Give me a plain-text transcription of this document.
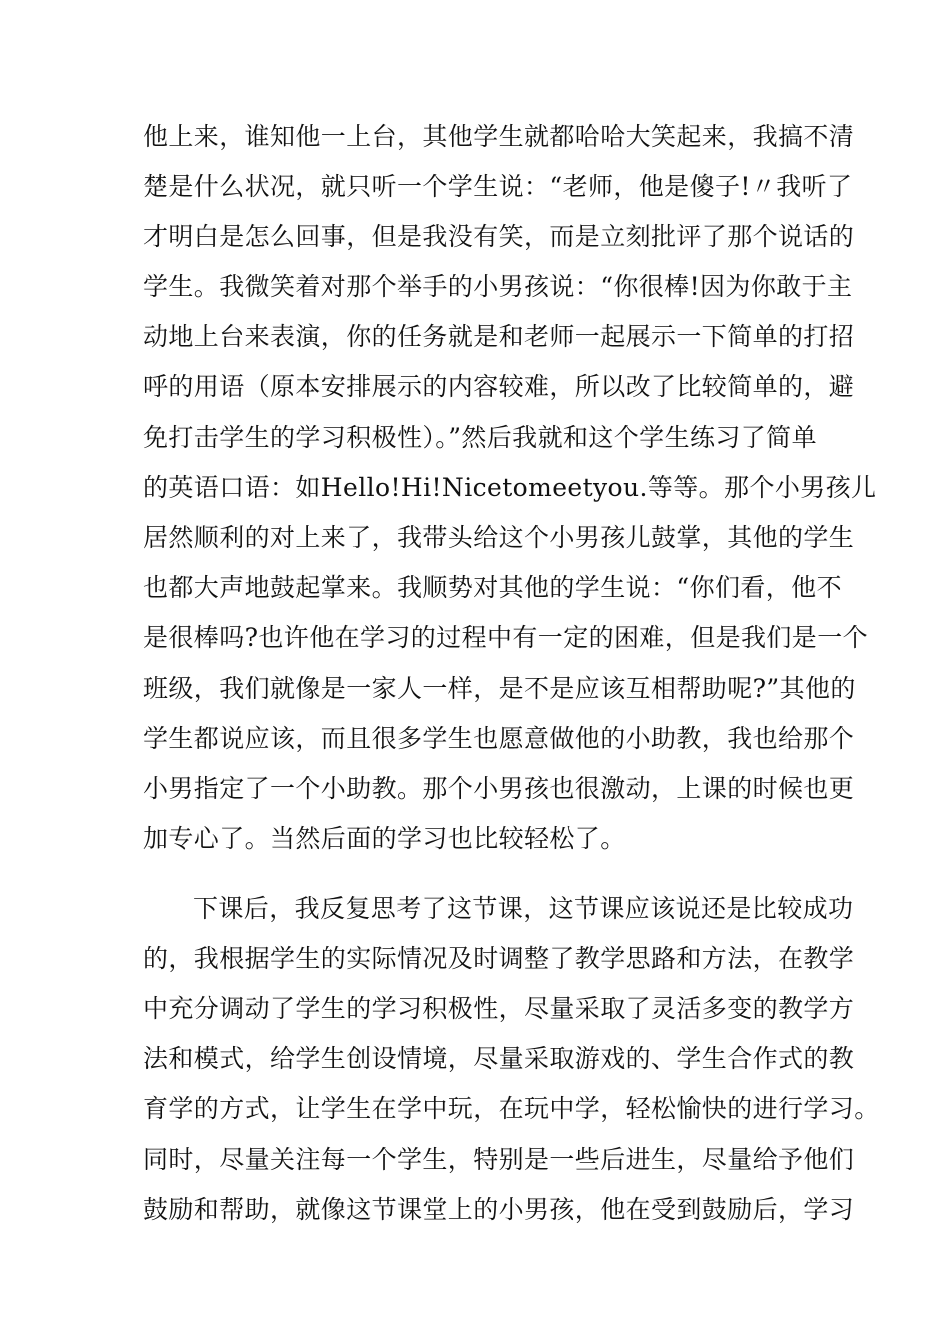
他上来，谁知他一上台，其他学生就都哈哈大笑起来，我搞不清

楚是什么状况，就只听一个学生说：“老师，他是傻子!〃我听了

才明白是怎么回事，但是我没有笑，而是立刻批评了那个说话的

学生。我微笑着对那个举手的小男孩说：“你很棒!因为你敢于主

动地上台来表演，你的任务就是和老师一起展示一下简单的打招

呼的用语（原本安排展示的内容较难，所以改了比较简单的，避

免打击学生的学习积极性）。”然后我就和这个学生练习了简单

的英语口语：如Hello!Hi!Nicetomeetyou.等等。那个小男孩儿

居然顺利的对上来了，我带头给这个小男孩儿鼓掌，其他的学生

也都大声地鼓起掌来。我顺势对其他的学生说：“你们看，他不

是很棒吗?也许他在学习的过程中有一定的困难，但是我们是一个

班级，我们就像是一家人一样，是不是应该互相帮助呢?”其他的

学生都说应该，而且很多学生也愿意做他的小助教，我也给那个

小男指定了一个小助教。那个小男孩也很激动，上课的时候也更

加专心了。当然后面的学习也比较轻松了。

下课后，我反复思考了这节课，这节课应该说还是比较成功

的，我根据学生的实际情况及时调整了教学思路和方法，在教学

中充分调动了学生的学习积极性，尽量采取了灵活多变的教学方

法和模式，给学生创设情境，尽量采取游戏的、学生合作式的教

育学的方式，让学生在学中玩，在玩中学，轻松愉快的进行学习。

同时，尽量关注每一个学生，特别是一些后进生，尽量给予他们

鼓励和帮助，就像这节课堂上的小男孩，他在受到鼓励后，学习
